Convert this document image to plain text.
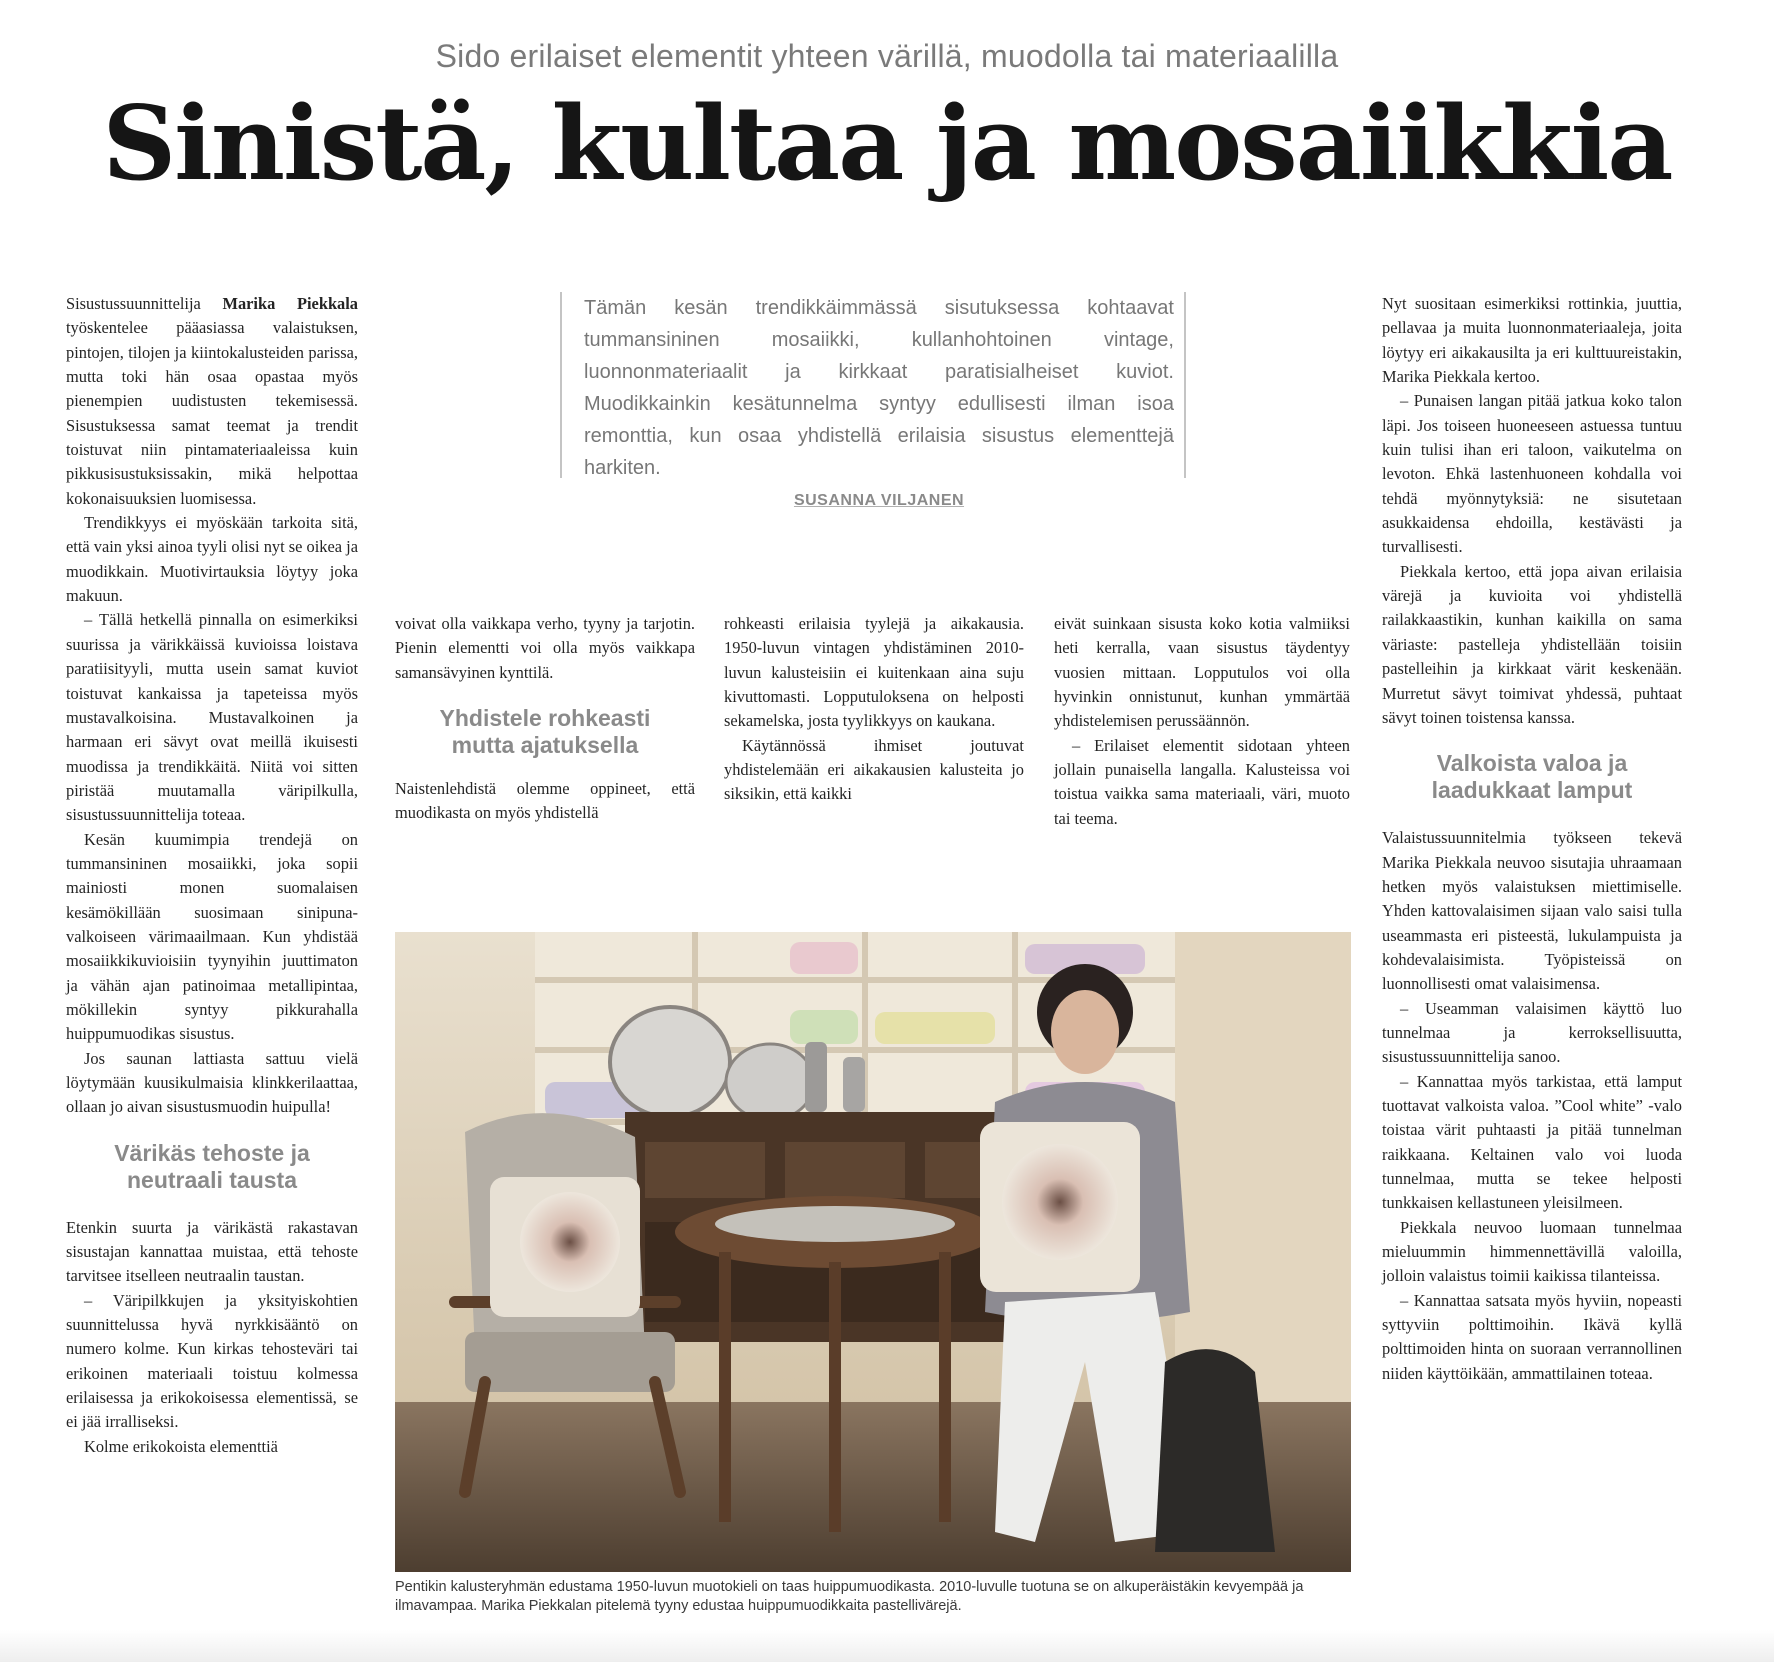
Sido erilaiset elementit yhteen värillä, muodolla tai materiaalilla
Sinistä, kultaa ja mosaiikkia
Tämän kesän trendikkäimmässä sisutuksessa kohtaavat tummansininen mosaiikki, kullanhohtoinen vintage, luonnonmateriaalit ja kirkkaat paratisialheiset kuviot. Muodikkainkin kesätunnelma syntyy edullisesti ilman isoa remonttia, kun osaa yhdistellä erilaisia sisustus elementtejä harkiten.
SUSANNA VILJANEN

Sisustussuunnittelija Marika Piekkala työskentelee pääasiassa valaistuksen, pintojen, tilojen ja kiintokalusteiden parissa, mutta toki hän osaa opastaa myös pienempien uudistusten tekemisessä. Sisustuksessa samat teemat ja trendit toistuvat niin pintamateriaaleissa kuin pikkusisustuksissakin, mikä helpottaa kokonaisuuksien luomisessa.

Trendikkyys ei myöskään tarkoita sitä, että vain yksi ainoa tyyli olisi nyt se oikea ja muodikkain. Muotivirtauksia löytyy joka makuun.

– Tällä hetkellä pinnalla on esimerkiksi suurissa ja värikkäissä kuvioissa loistava paratiisityyli, mutta usein samat kuviot toistuvat kankaissa ja tapeteissa myös mustavalkoisina. Mustavalkoinen ja harmaan eri sävyt ovat meillä ikuisesti muodissa ja trendikkäitä. Niitä voi sitten piristää muutamalla väripilkulla, sisustussuunnittelija toteaa.

Kesän kuumimpia trendejä on tummansininen mosaiikki, joka sopii mainiosti monen suomalaisen kesämökillään suosimaan sinipuna-valkoiseen värimaailmaan. Kun yhdistää mosaiikkikuvioisiin tyynyihin juuttimaton ja vähän ajan patinoimaa metallipintaa, mökillekin syntyy pikkurahalla huippumuodikas sisustus.

Jos saunan lattiasta sattuu vielä löytymään kuusikulmaisia klinkkerilaattaa, ollaan jo aivan sisustusmuodin huipulla!

Värikäs tehoste ja neutraali tausta

Etenkin suurta ja värikästä rakastavan sisustajan kannattaa muistaa, että tehoste tarvitsee itselleen neutraalin taustan.

– Väripilkkujen ja yksityiskohtien suunnittelussa hyvä nyrkkisääntö on numero kolme. Kun kirkas tehosteväri tai erikoinen materiaali toistuu kolmessa erilaisessa ja erikokoisessa elementissä, se ei jää irralliseksi.

Kolme erikokoista elementtiä

voivat olla vaikkapa verho, tyyny ja tarjotin. Pienin elementti voi olla myös vaikkapa samansävyinen kynttilä.

Yhdistele rohkeasti mutta ajatuksella

Naistenlehdistä olemme oppineet, että muodikasta on myös yhdistellä

rohkeasti erilaisia tyylejä ja aikakausia. 1950-luvun vintagen yhdistäminen 2010-luvun kalusteisiin ei kuitenkaan aina suju kivuttomasti. Lopputuloksena on helposti sekamelska, josta tyylikkyys on kaukana.

Käytännössä ihmiset joutuvat yhdistelemään eri aikakausien kalusteita jo siksikin, että kaikki

eivät suinkaan sisusta koko kotia valmiiksi heti kerralla, vaan sisustus täydentyy vuosien mittaan. Lopputulos voi olla hyvinkin onnistunut, kunhan ymmärtää yhdistelemisen perussäännön.

– Erilaiset elementit sidotaan yhteen jollain punaisella langalla. Kalusteissa voi toistua vaikka sama materiaali, väri, muoto tai teema.

Nyt suositaan esimerkiksi rottinkia, juuttia, pellavaa ja muita luonnonmateriaaleja, joita löytyy eri aikakausilta ja eri kulttuureistakin, Marika Piekkala kertoo.

– Punaisen langan pitää jatkua koko talon läpi. Jos toiseen huoneeseen astuessa tuntuu kuin tulisi ihan eri taloon, vaikutelma on levoton. Ehkä lastenhuoneen kohdalla voi tehdä myönnytyksiä: ne sisutetaan asukkaidensa ehdoilla, kestävästi ja turvallisesti.

Piekkala kertoo, että jopa aivan erilaisia värejä ja kuvioita voi yhdistellä railakkaastikin, kunhan kaikilla on sama väriaste: pastelleja yhdistellään toisiin pastelleihin ja kirkkaat värit keskenään. Murretut sävyt toimivat yhdessä, puhtaat sävyt toinen toistensa kanssa.

Valkoista valoa ja laadukkaat lamput

Valaistussuunnitelmia työkseen tekevä Marika Piekkala neuvoo sisutajia uhraamaan hetken myös valaistuksen miettimiselle. Yhden kattovalaisimen sijaan valo saisi tulla useammasta eri pisteestä, lukulampuista ja kohdevalaisimista. Työpisteissä on luonnollisesti omat valaisimensa.

– Useamman valaisimen käyttö luo tunnelmaa ja kerroksellisuutta, sisustussuunnittelija sanoo.

– Kannattaa myös tarkistaa, että lamput tuottavat valkoista valoa. ”Cool white” -valo toistaa värit puhtaasti ja pitää tunnelman raikkaana. Keltainen valo voi luoda tunnelmaa, mutta se tekee helposti tunkkaisen kellastuneen yleisilmeen.

Piekkala neuvoo luomaan tunnelmaa mieluummin himmennettävillä valoilla, jolloin valaistus toimii kaikissa tilanteissa.

– Kannattaa satsata myös hyviin, nopeasti syttyviin polttimoihin. Ikävä kyllä polttimoiden hinta on suoraan verrannollinen niiden käyttöikään, ammattilainen toteaa.

Pentikin kalusteryhmän edustama 1950-luvun muotokieli on taas huippumuodikasta. 2010-luvulle tuotuna se on alkuperäistäkin kevyempää ja ilmavampaa. Marika Piekkalan pitelemä tyyny edustaa huippumuodikkaita pastellivärejä.
